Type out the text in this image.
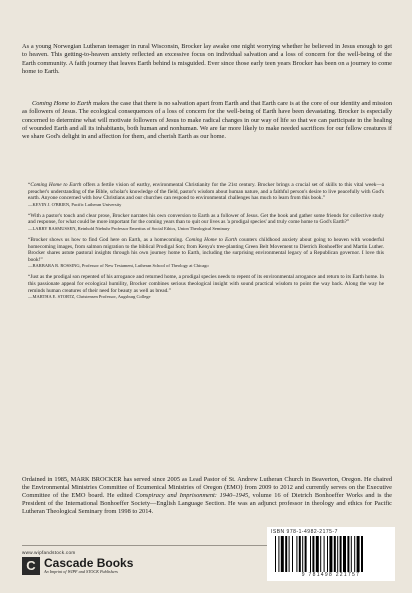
As a young Norwegian Lutheran teenager in rural Wisconsin, Brocker lay awake one night worrying whether he believed in Jesus enough to get to heaven. This getting-to-heaven anxiety reflected an excessive focus on individual salvation and a loss of concern for the well-being of the Earth community. A faith journey that leaves Earth behind is misguided. Ever since those early teen years Brocker has been on a journey to come home to Earth.

Coming Home to Earth makes the case that there is no salvation apart from Earth and that Earth care is at the core of our identity and mission as followers of Jesus. The ecological consequences of a loss of concern for the well-being of Earth have been devastating. Brocker is especially concerned to determine what will motivate followers of Jesus to make radical changes in our way of life so that we can participate in the healing of wounded Earth and all its inhabitants, both human and nonhuman. We are far more likely to make needed sacrifices for our fellow creatures if we share God's delight in and affection for them, and cherish Earth as our home.

“Coming Home to Earth offers a fertile vision of earthy, environmental Christianity for the 21st century. Brocker brings a crucial set of skills to this vital week—a preacher's understanding of the Bible, scholar's knowledge of the field, pastor's wisdom about human nature, and a faithful person's desire to live peacefully with God's earth. Anyone concerned with how Christians and our churches can respond to environmental challenges has much to learn from this book.”
—KEVIN J. O'BRIEN, Pacific Lutheran University

“With a pastor's touch and clear prose, Brocker narrates his own conversion to Earth as a follower of Jesus. Get the book and gather some friends for collective study and response, for what could be more important for the coming years than to quit our lives as 'a prodigal species' and truly come home to God's Earth?”
—LARRY RASMUSSEN, Reinhold Niebuhr Professor Emeritus of Social Ethics, Union Theological Seminary

“Brocker shows us how to find God here on Earth, as a homecoming. Coming Home to Earth counters childhood anxiety about going to heaven with wonderful homecoming images, from salmon migration to the biblical Prodigal Son; from Kenya's tree-planting Green Belt Movement to Dietrich Bonhoeffer and Martin Luther. Brocker shares astute pastoral insights through his own journey home to Earth, including the surprising environmental legacy of a Republican governor. I love this book!”
—BARBARA R. ROSSING, Professor of New Testament, Lutheran School of Theology at Chicago

“Just as the prodigal son repented of his arrogance and returned home, a prodigal species needs to repent of its environmental arrogance and return to its Earth home. In this passionate appeal for ecological humility, Brocker combines serious theological insight with sound practical wisdom to point the way back. Along the way he reminds human creatures of their need for beauty as well as bread.”
—MARTHA E. STORTZ, Christensen Professor, Augsburg College

Ordained in 1985, MARK BROCKER has served since 2005 as Lead Pastor of St. Andrew Lutheran Church in Beaverton, Oregon. He chaired the Environmental Ministries Committee of Ecumenical Ministries of Oregon (EMO) from 2009 to 2012 and currently serves on the Executive Committee of the EMO board. He edited Conspiracy and Imprisonment: 1940–1945, volume 16 of Dietrich Bonhoeffer Works and is the President of the International Bonhoeffer Society—English Language Section. He was an adjunct professor in theology and ethics for Pacific Lutheran Theological Seminary from 1998 to 2014.

www.wipfandstock.com
C Cascade Books
An Imprint of WIPF and STOCK Publishers
ISBN 978-1-4982-2175-7
9 781498 221757
